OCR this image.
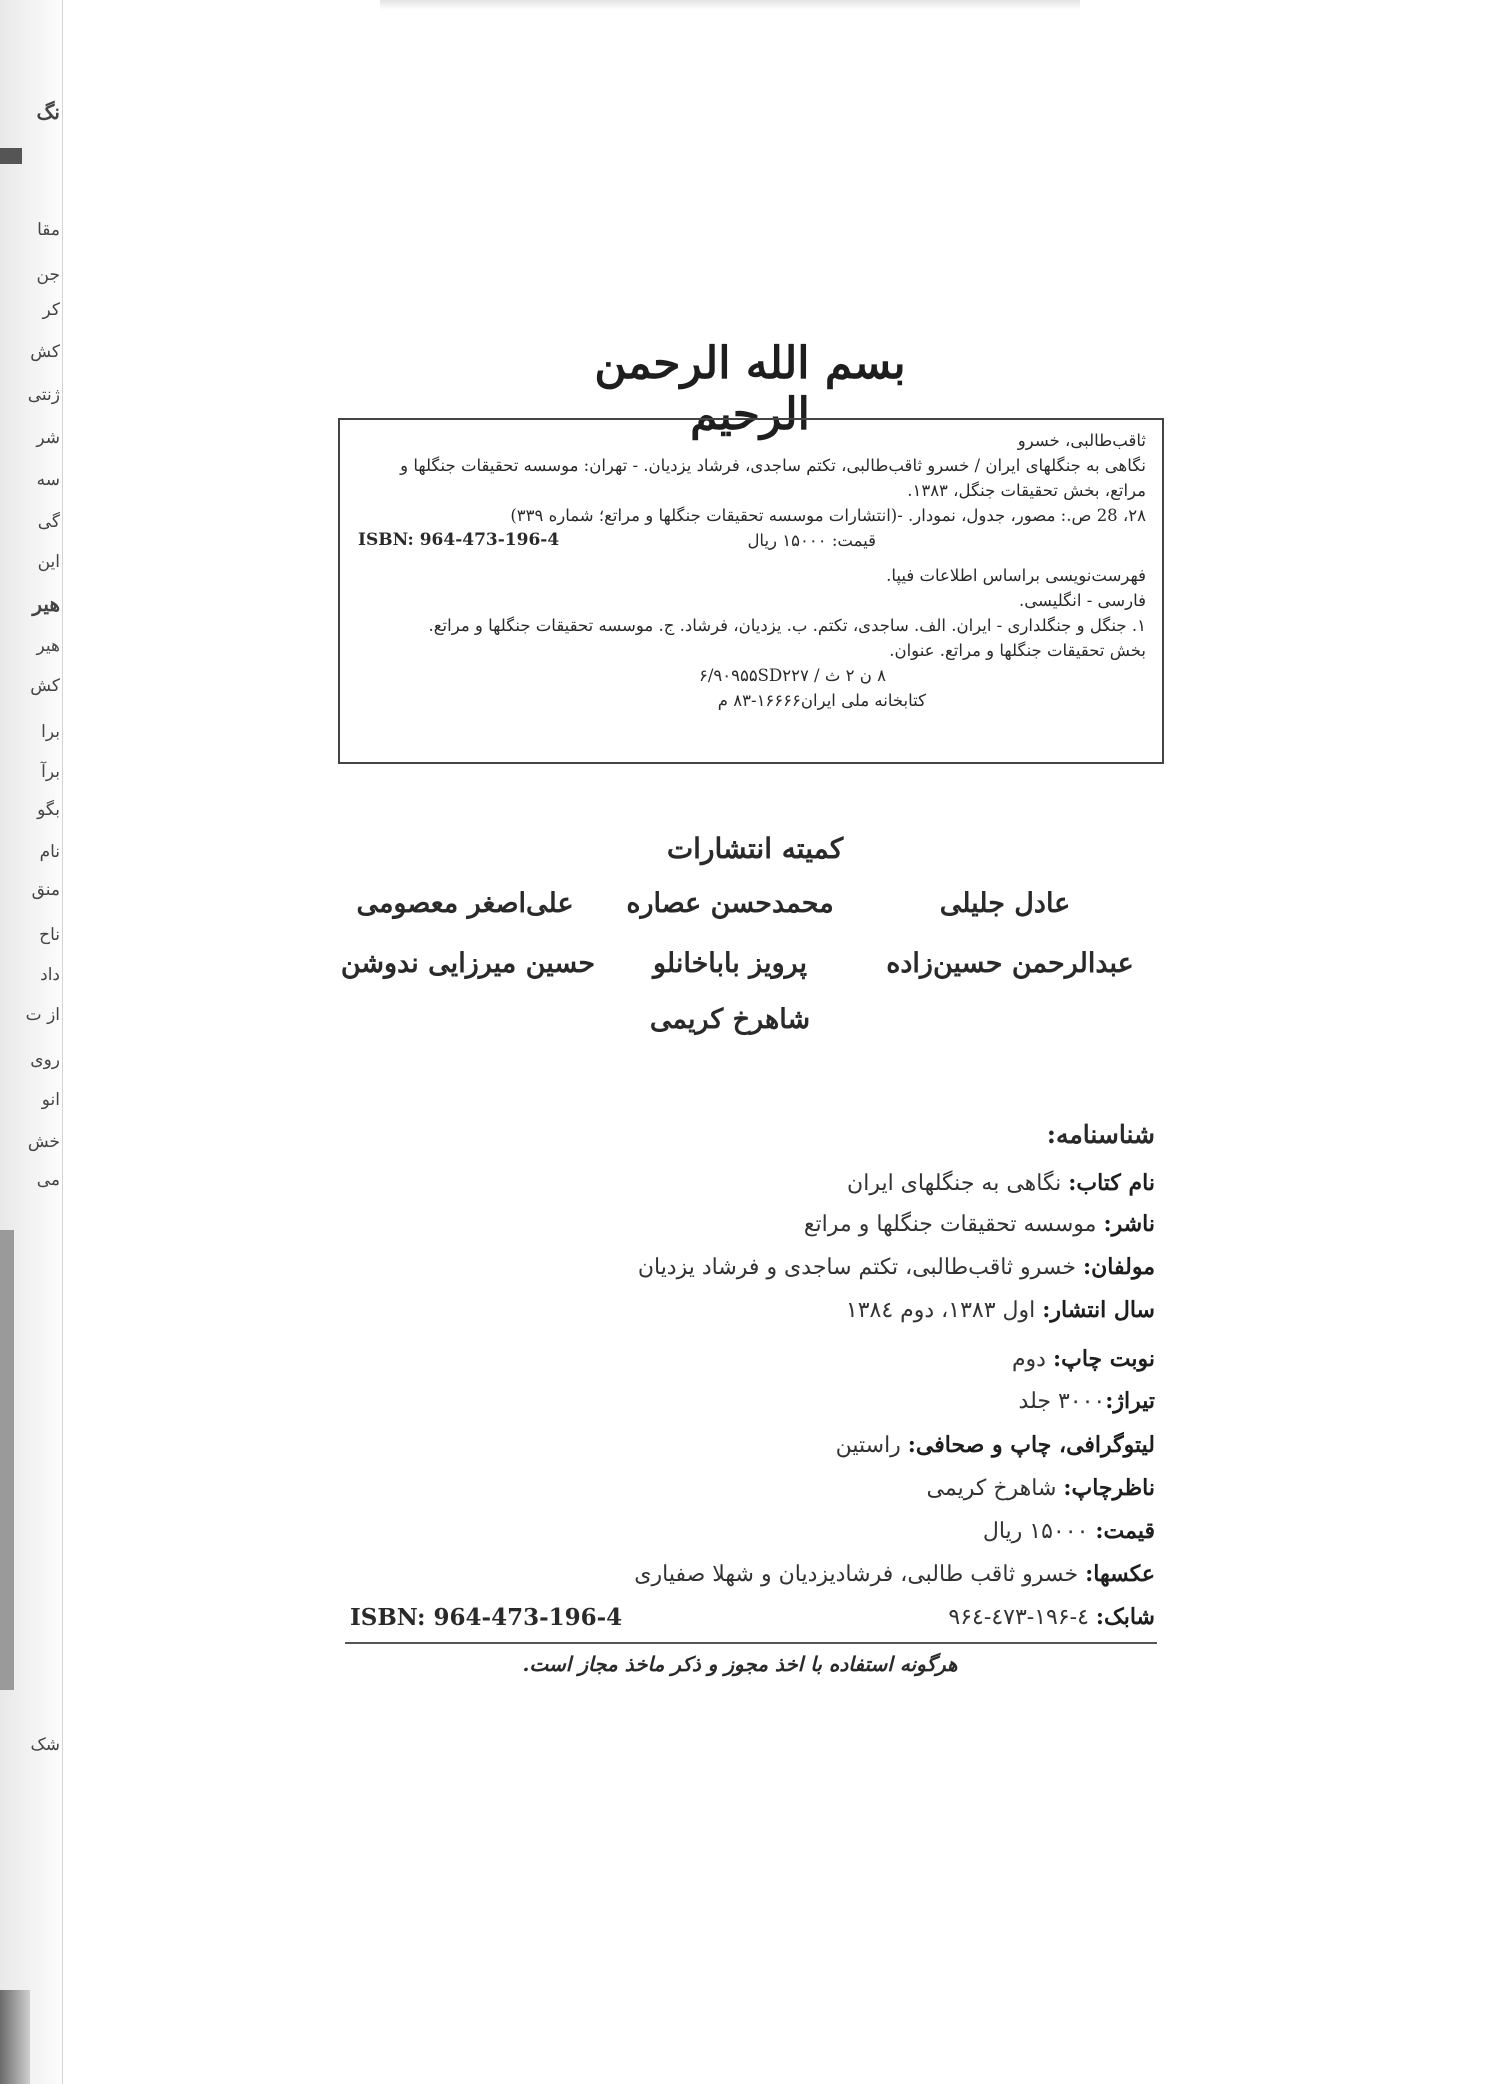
نگ
مقا
جن
کر
کش
ژنتی
شر
سه
گی
این
هیر
هیر
کش
برا
برآ
بگو
نام
منق
ناح
داد
از ت
روی
انو
خش
می
شک
بسم الله الرحمن الرحیم
ثاقب‌طالبی، خسرو
نگاهی به جنگلهای ایران / خسرو ثاقب‌طالبی، تکتم ساجدی، فرشاد یزدیان. - تهران: موسسه تحقیقات جنگلها و
مراتع، بخش تحقیقات جنگل، ۱۳۸۳.
۲۸، 28 ص.: مصور، جدول، نمودار. -(انتشارات موسسه تحقیقات جنگلها و مراتع؛ شماره ۳۳۹)
قیمت: ۱۵۰۰۰ ریال
ISBN: 964-473-196-4
فهرست‌نویسی براساس اطلاعات فیپا.
فارسی - انگلیسی.
۱. جنگل و جنگلداری - ایران. الف. ساجدی، تکتم. ب. یزدیان، فرشاد. ج. موسسه تحقیقات جنگلها و مراتع.
بخش تحقیقات جنگلها و مراتع. عنوان.
۸ ن ۲ ث / ۶/۹۰۹۵۵SD۲۲۷
کتابخانه ملی ایران
۸۳-۱۶۶۶۶ م
کمیته انتشارات
عادل جلیلی
محمدحسن عصاره
علی‌اصغر معصومی
عبدالرحمن حسین‌زاده
پرویز باباخانلو
حسین میرزایی ندوشن
شاهرخ کریمی
شناسنامه:
نام کتاب: نگاهی به جنگلهای ایران
ناشر: موسسه تحقیقات جنگلها و مراتع
مولفان: خسرو ثاقب‌طالبی، تکتم ساجدی و فرشاد یزدیان
سال انتشار: اول ۱۳۸۳، دوم ۱۳۸٤
نوبت چاپ: دوم
تیراژ:۳۰۰۰ جلد
لیتوگرافی، چاپ و صحافی: راستین
ناظرچاپ: شاهرخ کریمی
قیمت: ۱۵۰۰۰ ریال
عکسها: خسرو ثاقب طالبی، فرشادیزدیان و شهلا صفیاری
شابک: ٤-۱۹۶-٤۷۳-۹۶٤
ISBN: 964-473-196-4
هرگونه استفاده با اخذ مجوز و ذکر ماخذ مجاز است.
